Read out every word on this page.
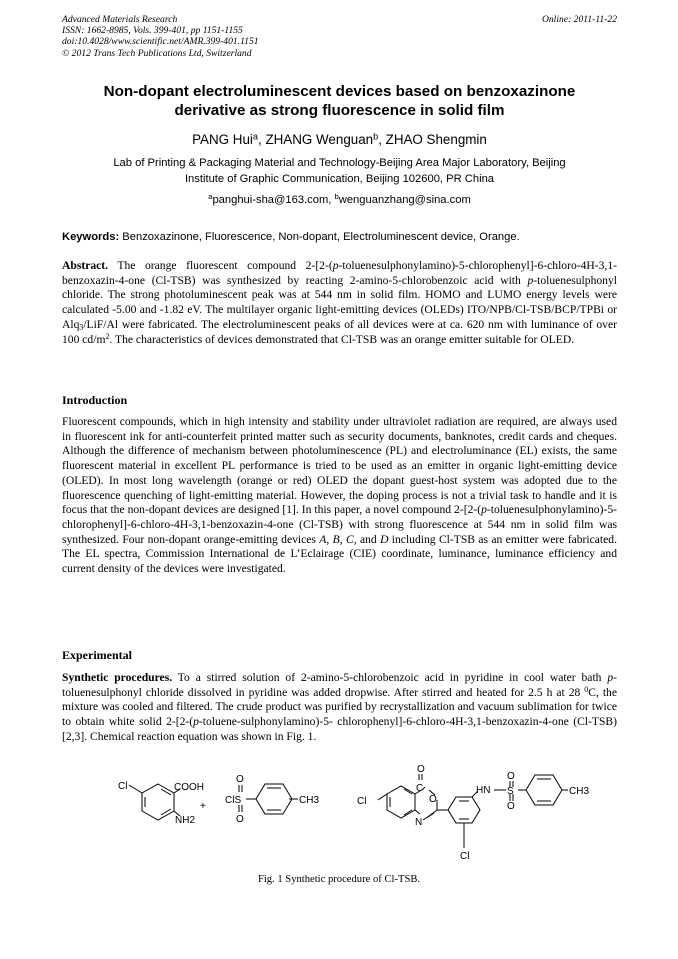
Advanced Materials Research
ISSN: 1662-8985, Vols. 399-401, pp 1151-1155
doi:10.4028/www.scientific.net/AMR.399-401.1151
© 2012 Trans Tech Publications Ltd, Switzerland
Online: 2011-11-22
Non-dopant electroluminescent devices based on benzoxazinone
derivative as strong fluorescence in solid film
PANG Hui$^a$, ZHANG Wenguan$^b$, ZHAO Shengmin
Lab of Printing & Packaging Material and Technology-Beijing Area Major Laboratory, Beijing
Institute of Graphic Communication, Beijing 102600, PR China
$^a$panghui-sha@163.com, $^b$wenguanzhang@sina.com
Keywords: Benzoxazinone, Fluorescence, Non-dopant, Electroluminescent device, Orange.
Abstract. The orange fluorescent compound 2-[2-(p-toluenesulphonylamino)-5-chlorophenyl]-6-chloro-4H-3,1-benzoxazin-4-one (Cl-TSB) was synthesized by reacting 2-amino-5-chlorobenzoic acid with p-toluenesulphonyl chloride. The strong photoluminescent peak was at 544 nm in solid film. HOMO and LUMO energy levels were calculated -5.00 and -1.82 eV. The multilayer organic light-emitting devices (OLEDs) ITO/NPB/Cl-TSB/BCP/TPBi or Alq$_3$/LiF/Al were fabricated. The electroluminescent peaks of all devices were at ca. 620 nm with luminance of over 100 $cd/m^2$. The characteristics of devices demonstrated that Cl-TSB was an orange emitter suitable for OLED.
Introduction
Fluorescent compounds, which in high intensity and stability under ultraviolet radiation are required, are always used in fluorescent ink for anti-counterfeit printed matter such as security documents, banknotes, credit cards and cheques. Although the difference of mechanism between photoluminescence (PL) and electroluminance (EL) exists, the same fluorescent material in excellent PL performance is tried to be used as an emitter in organic light-emitting device (OLED). In most long wavelength (orange or red) OLED the dopant guest-host system was adopted due to the fluorescence quenching of light-emitting material. However, the doping process is not a trivial task to handle and it is focus that the non-dopant devices are designed [1]. In this paper, a novel compound 2-[2-(p-toluenesulphonylamino)-5- chlorophenyl]-6-chloro-4H-3,1-benzoxazin-4-one (Cl-TSB) with strong fluorescence at 544 nm in solid film was synthesized. Four non-dopant orange-emitting devices A, B, C, and D including Cl-TSB as an emitter were fabricated. The EL spectra, Commission International de L’Eclairage (CIE) coordinate, luminance, luminance efficiency and current density of the devices were investigated.
Experimental
Synthetic procedures. To a stirred solution of 2-amino-5-chlorobenzoic acid in pyridine in cool water bath p-toluenesulphonyl chloride dissolved in pyridine was added dropwise. After stirred and heated for 2.5 h at 28 $^0$C, the mixture was cooled and filtered. The crude product was purified by recrystallization and vacuum sublimation for twice to obtain white solid 2-[2-(p-toluene-sulphonylamino)-5- chlorophenyl]-6-chloro-4H-3,1-benzoxazin-4-one (Cl-TSB) [2,3]. Chemical reaction equation was shown in Fig. 1.
Cl	COOH
NH2
+
O
ClS
O
CH3	Cl
O
C
O
N
HN
O
S
O
CH3
Cl
Fig. 1 Synthetic procedure of Cl-TSB.
